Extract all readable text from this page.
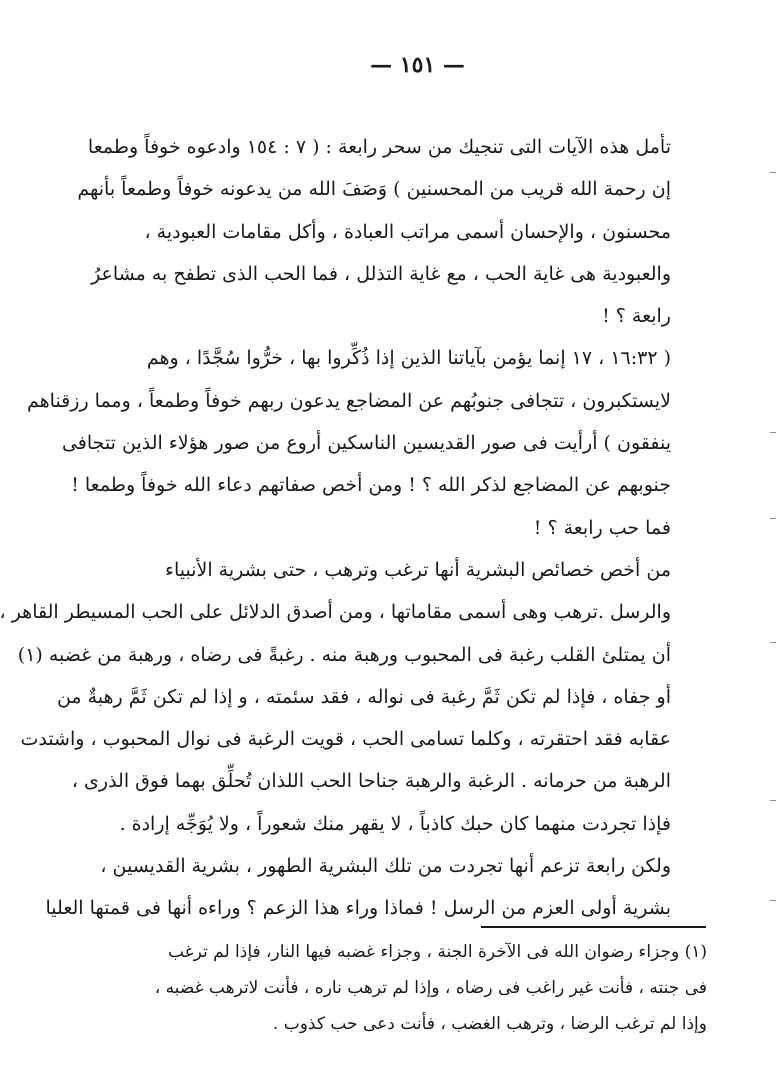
— ١٥١ —

تأمل هذه الآيات التى تنجيك من سحر رابعة : ( ٧ : ١٥٤ وادعوه خوفاً وطمعا
إن رحمة الله قريب من المحسنين ) وَصَفَ الله من يدعونه خوفاً وطمعاً بأنهم
محسنون ، والإحسان أسمى مراتب العبادة ، وأكل مقامات العبودية ،
والعبودية هى غاية الحب ، مع غاية التذلل ، فما الحب الذى تطفح به مشاعرُ
رابعة ؟ !

( ١٦:٣٢ ، ١٧ إنما يؤمن بآياتنا الذين إذا ذُكِّروا بها ، خرُّوا سُجَّدًا ، وهم
لايستكبرون ، تتجافى جنوبُهم عن المضاجع يدعون ربهم خوفاً وطمعاً ، ومما رزقناهم
ينفقون ) أرأيت فى صور القديسين الناسكين أروع من صور هؤلاء الذين تتجافى
جنوبهم عن المضاجع لذكر الله ؟ ! ومن أخص صفاتهم دعاء الله خوفاً وطمعا !
فما حب رابعة ؟ !

من أخص خصائص البشرية أنها ترغب وترهب ، حتى بشرية الأنبياء
والرسل .ترهب وهى أسمى مقاماتها ، ومن أصدق الدلائل على الحب المسيطر القاهر ،
أن يمتلئ القلب رغبة فى المحبوب ورهبة منه . رغبةً فى رضاه ، ورهبة من غضبه (١)
أو جفاه ، فإذا لم تكن ثَمَّ رغبة فى نواله ، فقد سئمته ، و إذا لم تكن ثَمَّ رهبةٌ من
عقابه فقد احتقرته ، وكلما تسامى الحب ، قويت الرغبة فى نوال المحبوب ، واشتدت
الرهبة من حرمانه . الرغبة والرهبة جناحا الحب اللذان تُحلِّق بهما فوق الذرى ،
فإذا تجردت منهما كان حبك كاذباً ، لا يقهر منك شعوراً ، ولا يُوَجِّه إرادة .

ولكن رابعة تزعم أنها تجردت من تلك البشرية الطهور ، بشرية القديسين ،
بشرية أولى العزم من الرسل ! فماذا وراء هذا الزعم ؟ وراءه أنها فى قمتها العليا

(١) وجزاء رضوان الله فى الآخرة الجنة ، وجزاء غضبه فيها النار، فإذا لم ترغب
فى جنته ، فأنت غير راغب فى رضاه ، وإذا لم ترهب ناره ، فأنت لاترهب غضبه ،
وإذا لم ترغب الرضا ، وترهب الغضب ، فأنت دعى حب كذوب .
